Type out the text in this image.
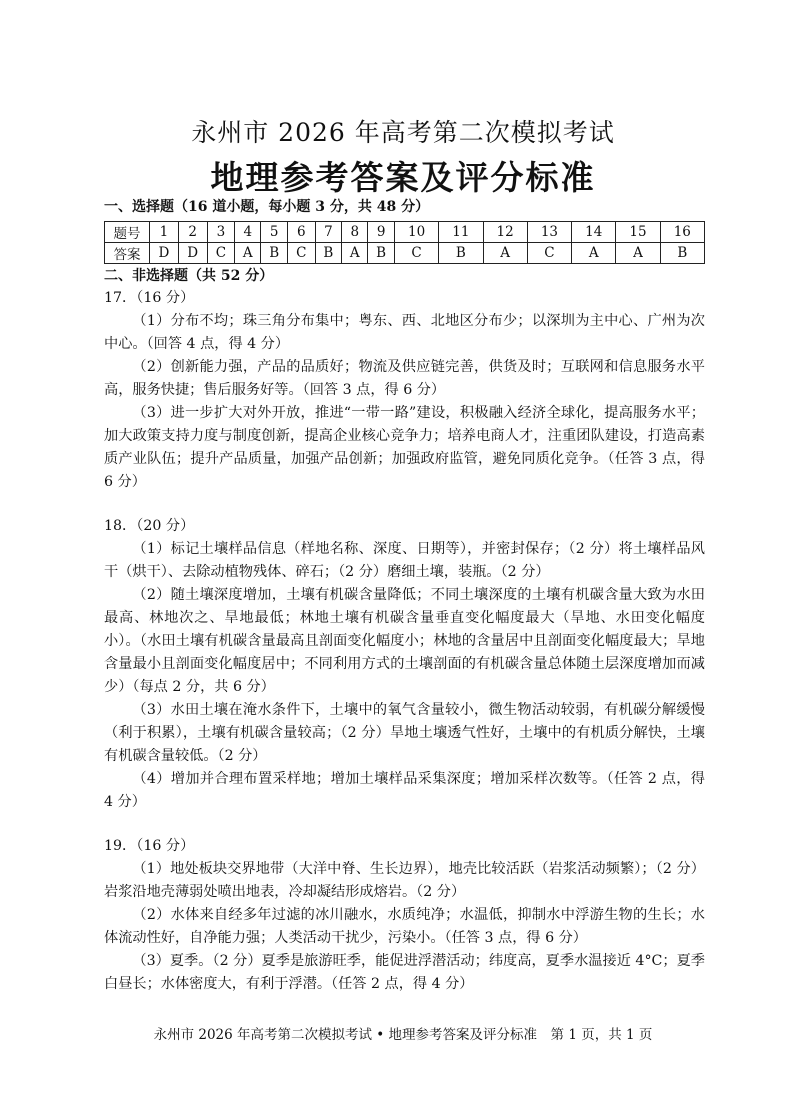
永州市 2026 年高考第二次模拟考试
地理参考答案及评分标准
一、选择题（16 道小题，每小题 3 分，共 48 分）
题号	1	2	3	4	5	6	7	8	9	10	11	12	13	14	15	16
答案	D	D	C	A	B	C	B	A	B	C	B	A	C	A	A	B
二、非选择题（共 52 分）

17．（16 分）

（1）分布不均；珠三角分布集中；粤东、西、北地区分布少；以深圳为主中心、广州为次中心。（回答 4 点，得 4 分）

（2）创新能力强，产品的品质好；物流及供应链完善，供货及时；互联网和信息服务水平高，服务快捷；售后服务好等。（回答 3 点，得 6 分）

（3）进一步扩大对外开放，推进“一带一路”建设，积极融入经济全球化，提高服务水平；加大政策支持力度与制度创新，提高企业核心竞争力；培养电商人才，注重团队建设，打造高素质产业队伍；提升产品质量，加强产品创新；加强政府监管，避免同质化竞争。（任答 3 点，得 6 分）

18．（20 分）

（1）标记土壤样品信息（样地名称、深度、日期等），并密封保存；（2 分）将土壤样品风干（烘干）、去除动植物残体、碎石；（2 分）磨细土壤，装瓶。（2 分）

（2）随土壤深度增加，土壤有机碳含量降低；不同土壤深度的土壤有机碳含量大致为水田最高、林地次之、旱地最低；林地土壤有机碳含量垂直变化幅度最大（旱地、水田变化幅度小）。（水田土壤有机碳含量最高且剖面变化幅度小；林地的含量居中且剖面变化幅度最大；旱地含量最小且剖面变化幅度居中；不同利用方式的土壤剖面的有机碳含量总体随土层深度增加而减少）（每点 2 分，共 6 分）

（3）水田土壤在淹水条件下，土壤中的氧气含量较小，微生物活动较弱，有机碳分解缓慢（利于积累），土壤有机碳含量较高；（2 分）旱地土壤透气性好，土壤中的有机质分解快，土壤有机碳含量较低。（2 分）

（4）增加并合理布置采样地；增加土壤样品采集深度；增加采样次数等。（任答 2 点，得 4 分）

19．（16 分）

（1）地处板块交界地带（大洋中脊、生长边界），地壳比较活跃（岩浆活动频繁）；（2 分）岩浆沿地壳薄弱处喷出地表，冷却凝结形成熔岩。（2 分）

（2）水体来自经多年过滤的冰川融水，水质纯净；水温低，抑制水中浮游生物的生长；水体流动性好，自净能力强；人类活动干扰少，污染小。（任答 3 点，得 6 分）

（3）夏季。（2 分）夏季是旅游旺季，能促进浮潜活动；纬度高，夏季水温接近 4°C；夏季白昼长；水体密度大，有利于浮潜。（任答 2 点，得 4 分）

永州市 2026 年高考第二次模拟考试 • 地理参考答案及评分标准　第 1 页，共 1 页
